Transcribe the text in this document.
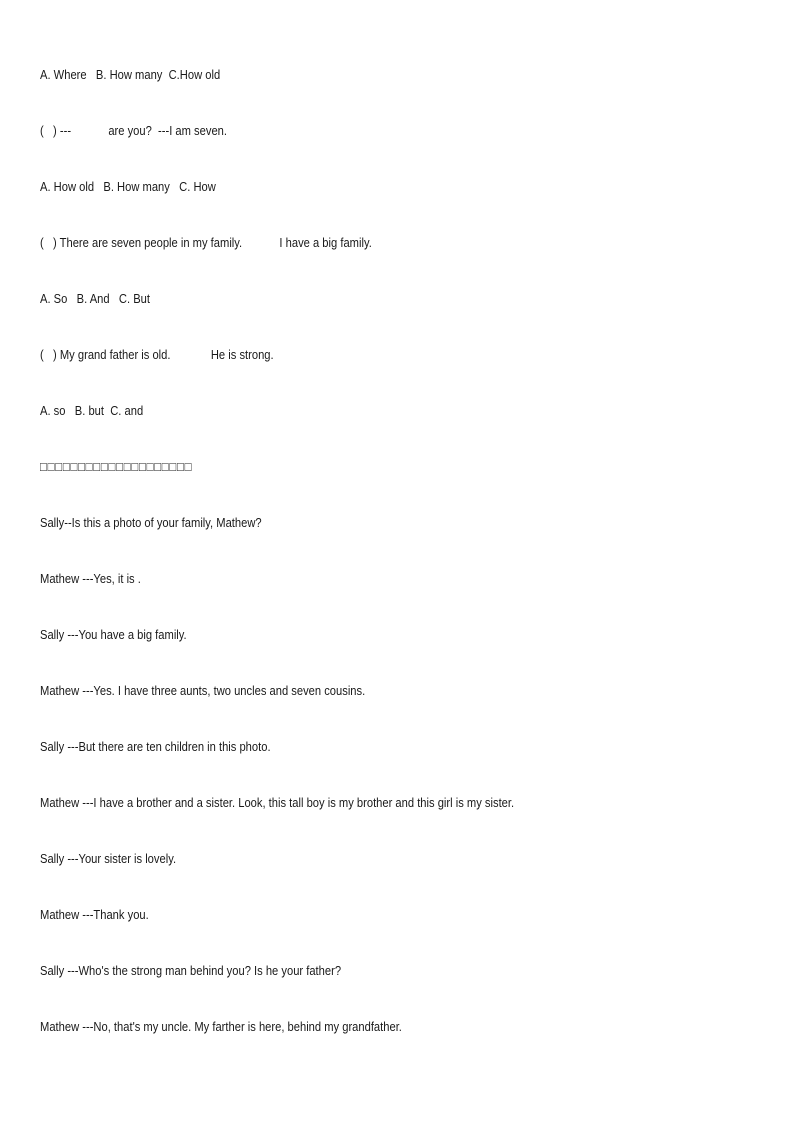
A. Where   B. How many  C.How old
(   ) ---            are you?  ---I am seven.
A. How old   B. How many   C. How
(   ) There are seven people in my family.            I have a big family.
A. So   B. And   C. But
(   ) My grand father is old.             He is strong.
A. so   B. but  C. and
□□□□□□□□□□□□□□□□□□□□
Sally--Is this a photo of your family, Mathew?
Mathew ---Yes, it is .
Sally ---You have a big family.
Mathew ---Yes. I have three aunts, two uncles and seven cousins.
Sally ---But there are ten children in this photo.
Mathew ---I have a brother and a sister. Look, this tall boy is my brother and this girl is my sister.
Sally ---Your sister is lovely.
Mathew ---Thank you.
Sally ---Who's the strong man behind you? Is he your father?
Mathew ---No, that's my uncle. My farther is here, behind my grandfather.
